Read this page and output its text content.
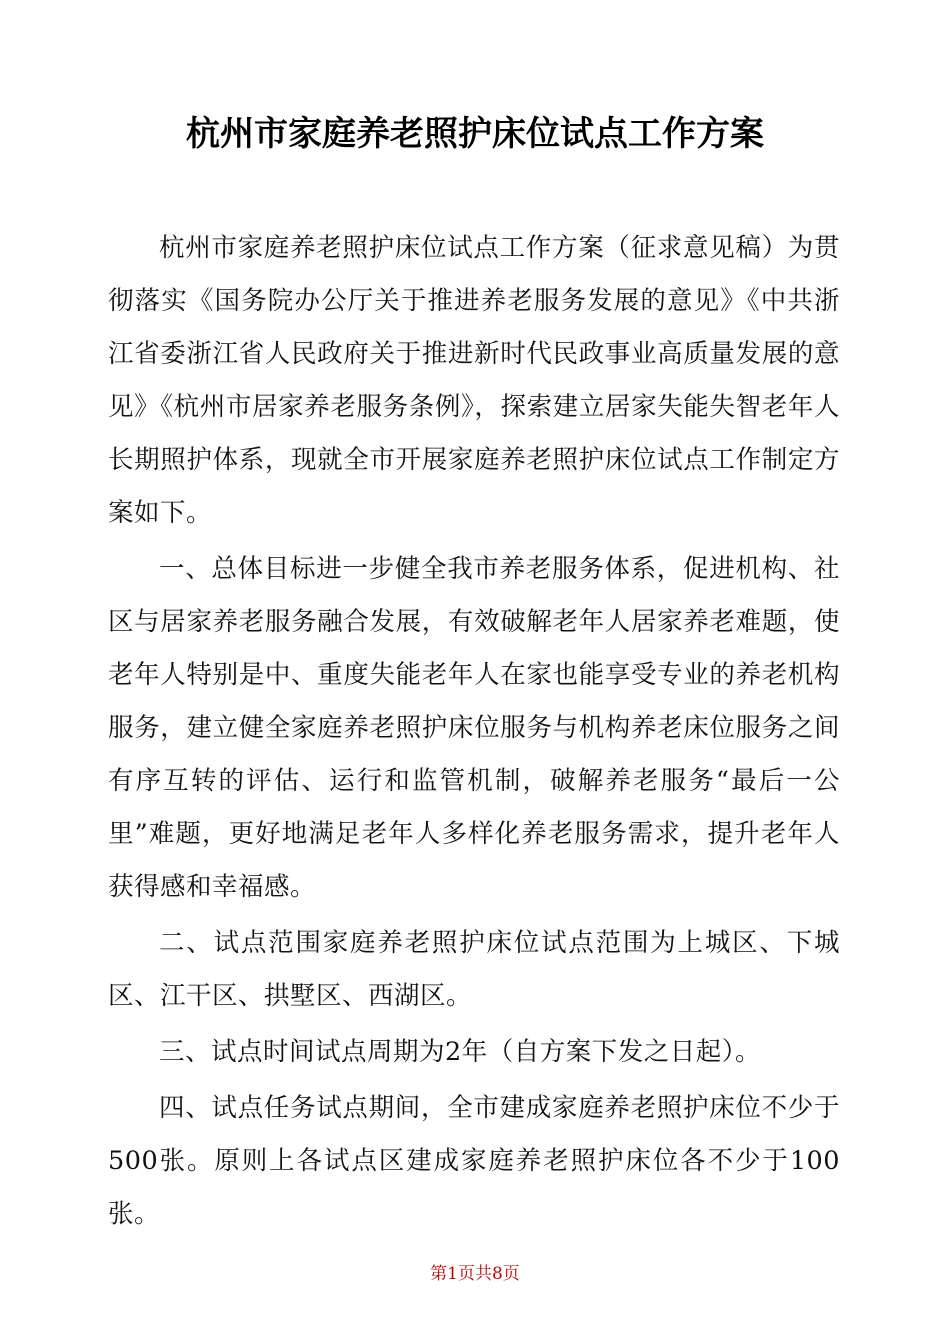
杭州市家庭养老照护床位试点工作方案

杭州市家庭养老照护床位试点工作方案（征求意见稿）为贯彻落实《国务院办公厅关于推进养老服务发展的意见》《中共浙江省委浙江省人民政府关于推进新时代民政事业高质量发展的意见》《杭州市居家养老服务条例》，探索建立居家失能失智老年人长期照护体系，现就全市开展家庭养老照护床位试点工作制定方案如下。

一、总体目标进一步健全我市养老服务体系，促进机构、社区与居家养老服务融合发展，有效破解老年人居家养老难题，使老年人特别是中、重度失能老年人在家也能享受专业的养老机构服务，建立健全家庭养老照护床位服务与机构养老床位服务之间有序互转的评估、运行和监管机制，破解养老服务“最后一公里”难题，更好地满足老年人多样化养老服务需求，提升老年人获得感和幸福感。

二、试点范围家庭养老照护床位试点范围为上城区、下城区、江干区、拱墅区、西湖区。

三、试点时间试点周期为2年（自方案下发之日起）。

四、试点任务试点期间，全市建成家庭养老照护床位不少于500张。原则上各试点区建成家庭养老照护床位各不少于100张。

第1页共8页
